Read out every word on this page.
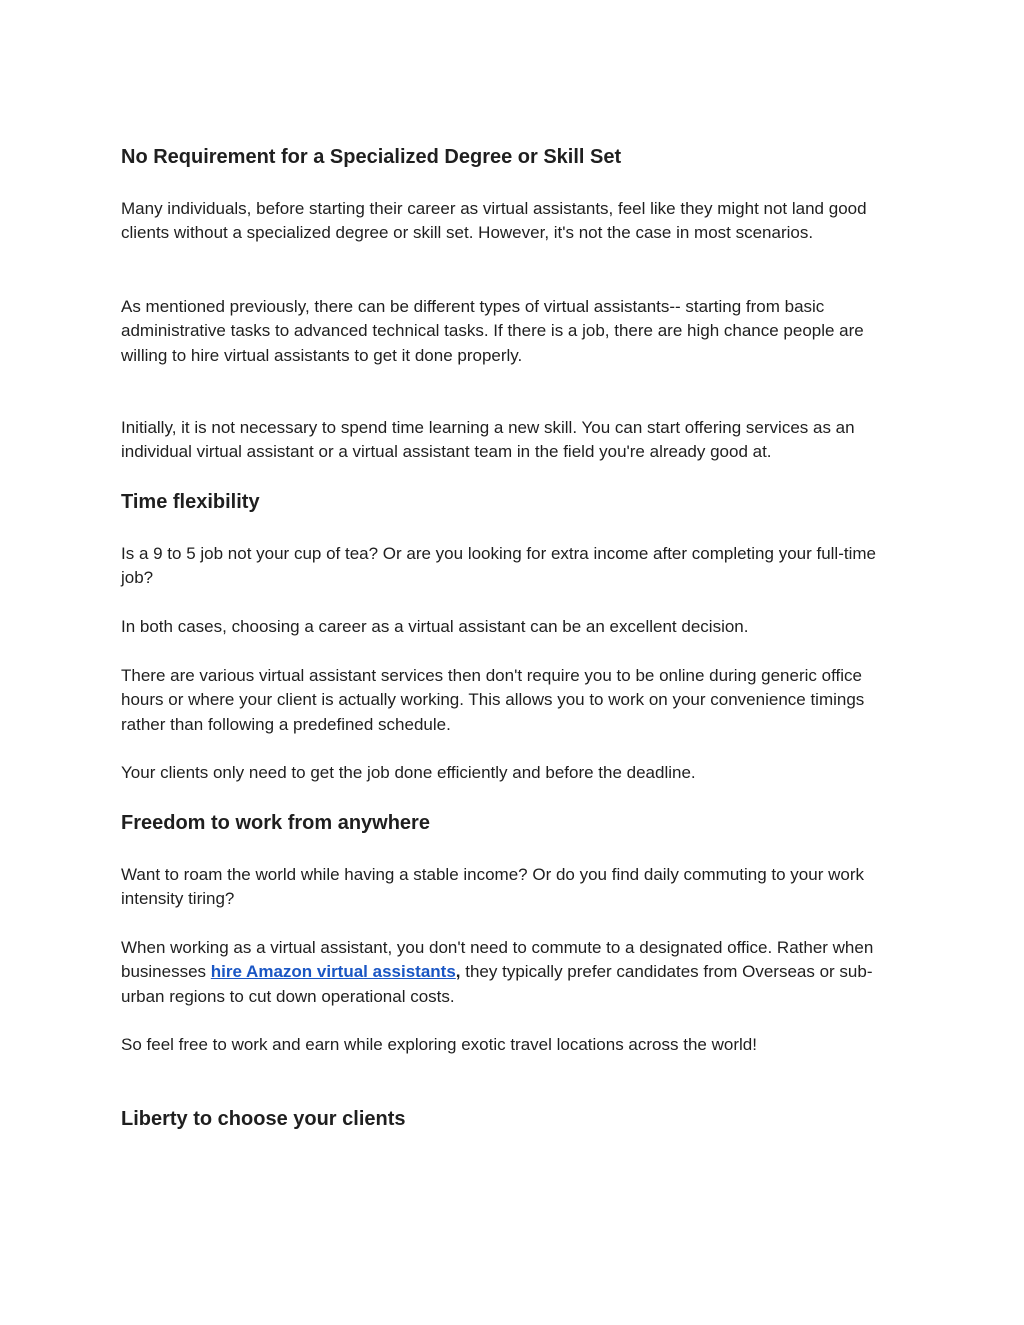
No Requirement for a Specialized Degree or Skill Set

Many individuals, before starting their career as virtual assistants, feel like they might not land good clients without a specialized degree or skill set. However, it's not the case in most scenarios.

As mentioned previously, there can be different types of virtual assistants-- starting from basic administrative tasks to advanced technical tasks. If there is a job, there are high chance people are willing to hire virtual assistants to get it done properly.

Initially, it is not necessary to spend time learning a new skill. You can start offering services as an individual virtual assistant or a virtual assistant team in the field you're already good at.

Time flexibility

Is a 9 to 5 job not your cup of tea? Or are you looking for extra income after completing your full-time job?

In both cases, choosing a career as a virtual assistant can be an excellent decision.

There are various virtual assistant services then don't require you to be online during generic office hours or where your client is actually working. This allows you to work on your convenience timings rather than following a predefined schedule.

Your clients only need to get the job done efficiently and before the deadline.

Freedom to work from anywhere

Want to roam the world while having a stable income? Or do you find daily commuting to your work intensity tiring?

When working as a virtual assistant, you don't need to commute to a designated office. Rather when businesses hire Amazon virtual assistants, they typically prefer candidates from Overseas or sub-urban regions to cut down operational costs.

So feel free to work and earn while exploring exotic travel locations across the world!

Liberty to choose your clients
